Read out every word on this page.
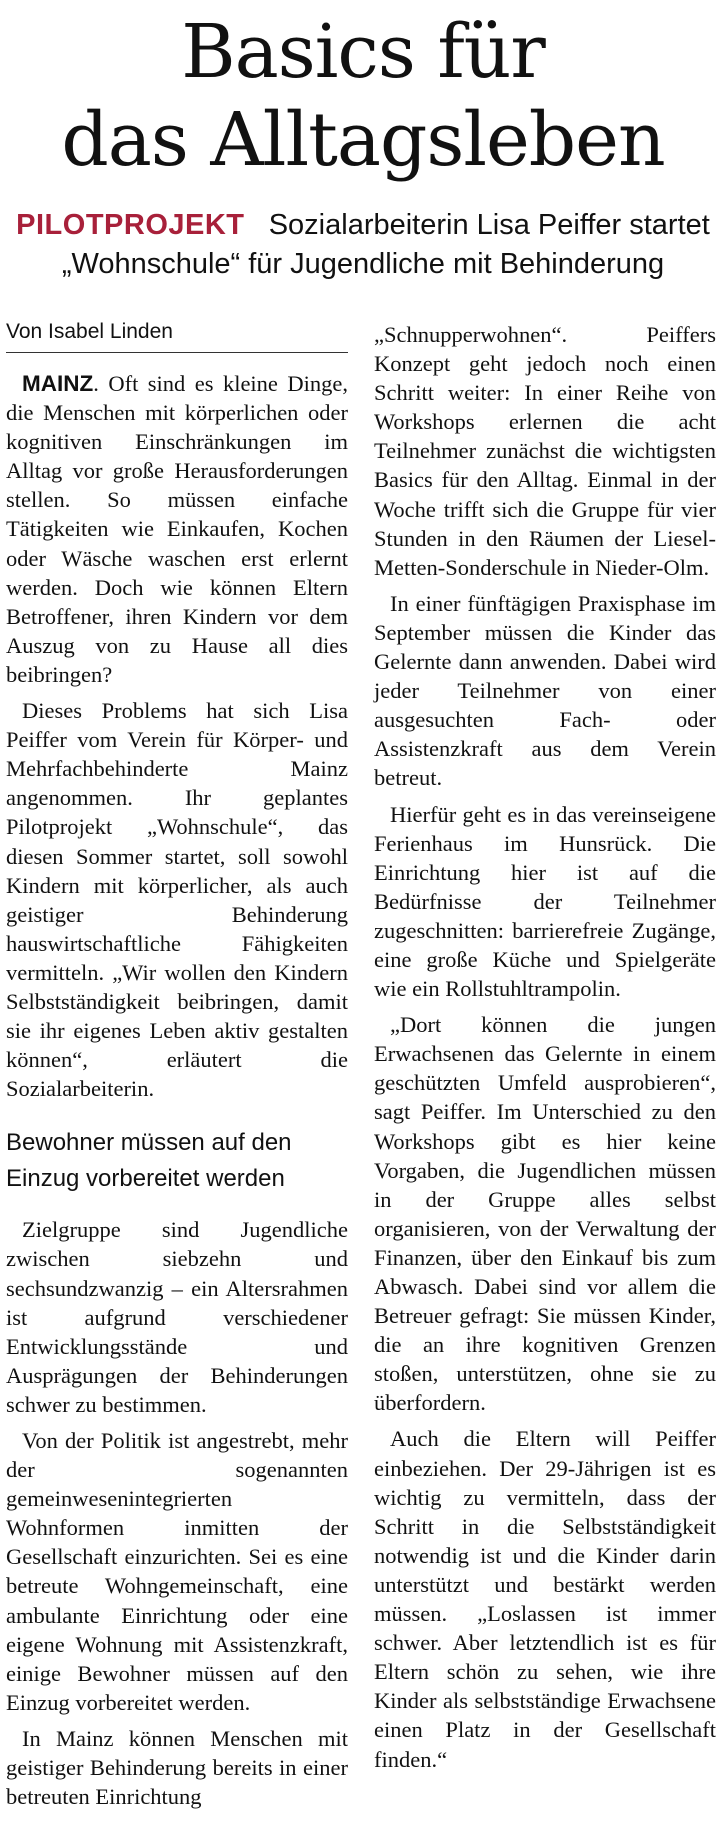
Basics für
das Alltagsleben
PILOTPROJEKT Sozialarbeiterin Lisa Peiffer startet
„Wohnschule“ für Jugendliche mit Behinderung
Von Isabel Linden

MAINZ. Oft sind es kleine Dinge, die Menschen mit körperlichen oder kognitiven Einschränkungen im Alltag vor große Herausforderungen stellen. So müssen einfache Tätigkeiten wie Einkaufen, Kochen oder Wäsche waschen erst erlernt werden. Doch wie können Eltern Betroffener, ihren Kindern vor dem Auszug von zu Hause all dies beibringen?

Dieses Problems hat sich Lisa Peiffer vom Verein für Körper- und Mehrfachbehinderte Mainz angenommen. Ihr geplantes Pilotprojekt „Wohnschule“, das diesen Sommer startet, soll sowohl Kindern mit körperlicher, als auch geistiger Behinderung hauswirtschaftliche Fähigkeiten vermitteln. „Wir wollen den Kindern Selbstständigkeit beibringen, damit sie ihr eigenes Leben aktiv gestalten können“, erläutert die Sozialarbeiterin.

Bewohner müssen auf den
Einzug vorbereitet werden

Zielgruppe sind Jugendliche zwischen siebzehn und sechsundzwanzig – ein Altersrahmen ist aufgrund verschiedener Entwicklungsstände und Ausprägungen der Behinderungen schwer zu bestimmen.

Von der Politik ist angestrebt, mehr der sogenannten gemeinwesenintegrierten Wohnformen inmitten der Gesellschaft einzurichten. Sei es eine betreute Wohngemeinschaft, eine ambulante Einrichtung oder eine eigene Wohnung mit Assistenzkraft, einige Bewohner müssen auf den Einzug vorbereitet werden.

In Mainz können Menschen mit geistiger Behinderung bereits in einer betreuten Einrichtung

„Schnupperwohnen“. Peiffers Konzept geht jedoch noch einen Schritt weiter: In einer Reihe von Workshops erlernen die acht Teilnehmer zunächst die wichtigsten Basics für den Alltag. Einmal in der Woche trifft sich die Gruppe für vier Stunden in den Räumen der Liesel-Metten-Sonderschule in Nieder-Olm.

In einer fünftägigen Praxisphase im September müssen die Kinder das Gelernte dann anwenden. Dabei wird jeder Teilnehmer von einer ausgesuchten Fach- oder Assistenzkraft aus dem Verein betreut.

Hierfür geht es in das vereinseigene Ferienhaus im Hunsrück. Die Einrichtung hier ist auf die Bedürfnisse der Teilnehmer zugeschnitten: barrierefreie Zugänge, eine große Küche und Spielgeräte wie ein Rollstuhltrampolin.

„Dort können die jungen Erwachsenen das Gelernte in einem geschützten Umfeld ausprobieren“, sagt Peiffer. Im Unterschied zu den Workshops gibt es hier keine Vorgaben, die Jugendlichen müssen in der Gruppe alles selbst organisieren, von der Verwaltung der Finanzen, über den Einkauf bis zum Abwasch. Dabei sind vor allem die Betreuer gefragt: Sie müssen Kinder, die an ihre kognitiven Grenzen stoßen, unterstützen, ohne sie zu überfordern.

Auch die Eltern will Peiffer einbeziehen. Der 29-Jährigen ist es wichtig zu vermitteln, dass der Schritt in die Selbstständigkeit notwendig ist und die Kinder darin unterstützt und bestärkt werden müssen. „Loslassen ist immer schwer. Aber letztendlich ist es für Eltern schön zu sehen, wie ihre Kinder als selbstständige Erwachsene einen Platz in der Gesellschaft finden.“
